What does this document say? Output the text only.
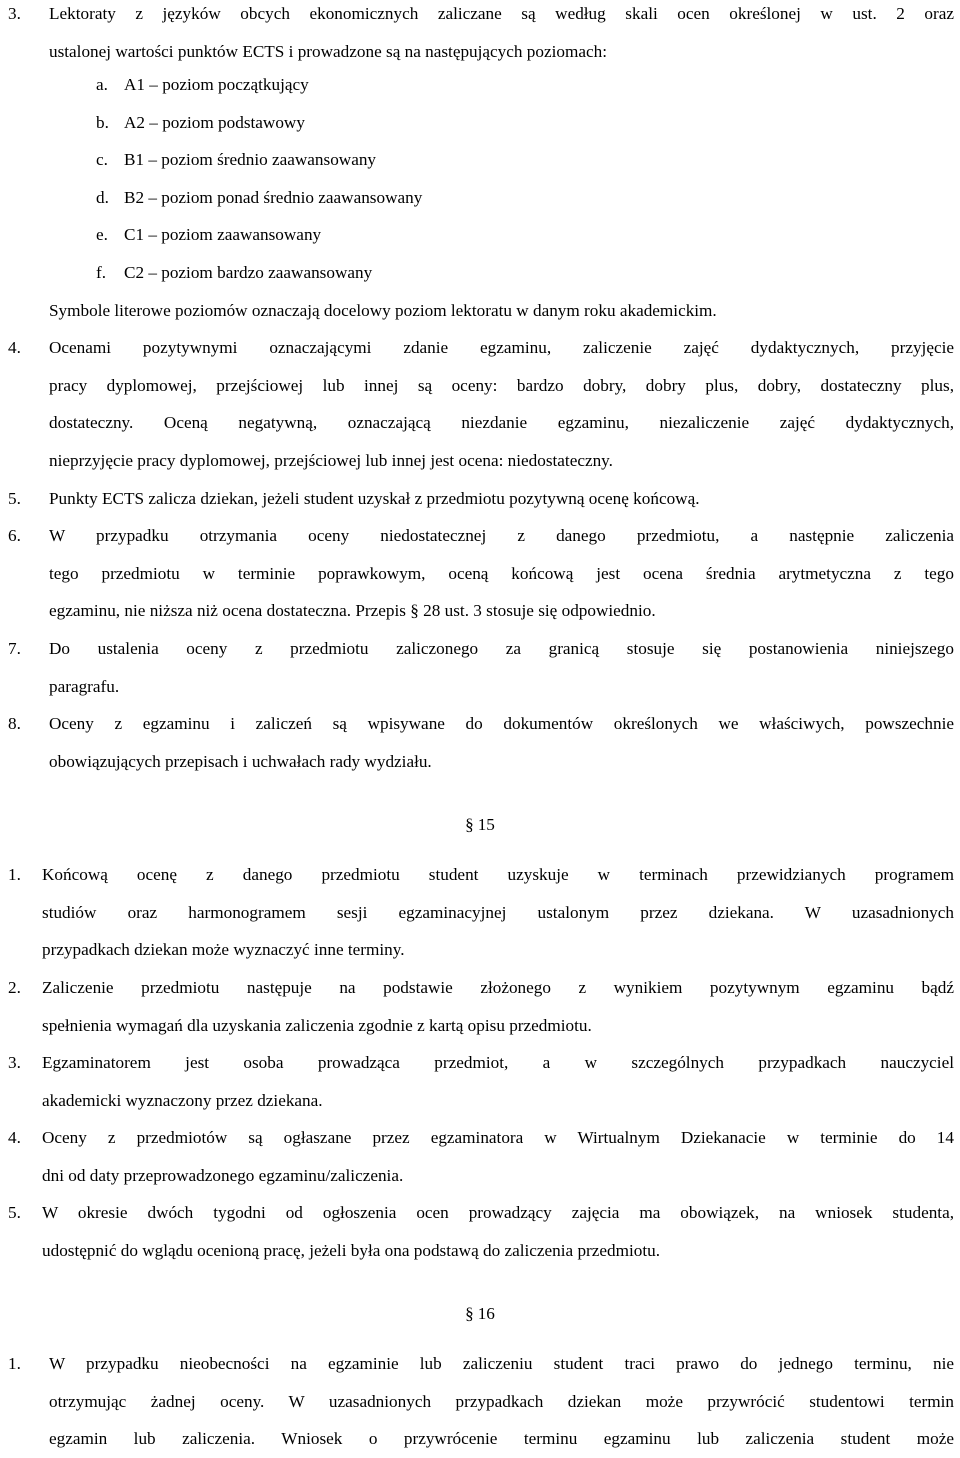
3. Lektoraty z języków obcych ekonomicznych zaliczane są według skali ocen określonej w ust. 2 oraz
ustalonej wartości punktów ECTS i prowadzone są na następujących poziomach:
a. A1 – poziom początkujący
b. A2 – poziom podstawowy
c. B1 – poziom średnio zaawansowany
d. B2 – poziom ponad średnio zaawansowany
e. C1 – poziom zaawansowany
f. C2 – poziom bardzo zaawansowany
Symbole literowe poziomów oznaczają docelowy poziom lektoratu w danym roku akademickim.
4. Ocenami pozytywnymi oznaczającymi zdanie egzaminu, zaliczenie zajęć dydaktycznych, przyjęcie
pracy dyplomowej, przejściowej lub innej są oceny: bardzo dobry, dobry plus, dobry, dostateczny plus,
dostateczny. Oceną negatywną, oznaczającą niezdanie egzaminu, niezaliczenie zajęć dydaktycznych,
nieprzyjęcie pracy dyplomowej, przejściowej lub innej jest ocena: niedostateczny.
5. Punkty ECTS zalicza dziekan, jeżeli student uzyskał z przedmiotu pozytywną ocenę końcową.
6. W przypadku otrzymania oceny niedostatecznej z danego przedmiotu, a następnie zaliczenia
tego przedmiotu w terminie poprawkowym, oceną końcową jest ocena średnia arytmetyczna z tego
egzaminu, nie niższa niż ocena dostateczna. Przepis § 28 ust. 3 stosuje się odpowiednio.
7. Do ustalenia oceny z przedmiotu zaliczonego za granicą stosuje się postanowienia niniejszego
paragrafu.
8. Oceny z egzaminu i zaliczeń są wpisywane do dokumentów określonych we właściwych, powszechnie
obowiązujących przepisach i uchwałach rady wydziału.
§ 15
1. Końcową ocenę z danego przedmiotu student uzyskuje w terminach przewidzianych programem
studiów oraz harmonogramem sesji egzaminacyjnej ustalonym przez dziekana. W uzasadnionych
przypadkach dziekan może wyznaczyć inne terminy.
2. Zaliczenie przedmiotu następuje na podstawie złożonego z wynikiem pozytywnym egzaminu bądź
spełnienia wymagań dla uzyskania zaliczenia zgodnie z kartą opisu przedmiotu.
3. Egzaminatorem jest osoba prowadząca przedmiot, a w szczególnych przypadkach nauczyciel
akademicki wyznaczony przez dziekana.
4. Oceny z przedmiotów są ogłaszane przez egzaminatora w Wirtualnym Dziekanacie w terminie do 14
dni od daty przeprowadzonego egzaminu/zaliczenia.
5. W okresie dwóch tygodni od ogłoszenia ocen prowadzący zajęcia ma obowiązek, na wniosek studenta,
udostępnić do wglądu ocenioną pracę, jeżeli była ona podstawą do zaliczenia przedmiotu.
§ 16
1. W przypadku nieobecności na egzaminie lub zaliczeniu student traci prawo do jednego terminu, nie
otrzymując żadnej oceny. W uzasadnionych przypadkach dziekan może przywrócić studentowi termin
egzamin lub zaliczenia. Wniosek o przywrócenie terminu egzaminu lub zaliczenia student może
